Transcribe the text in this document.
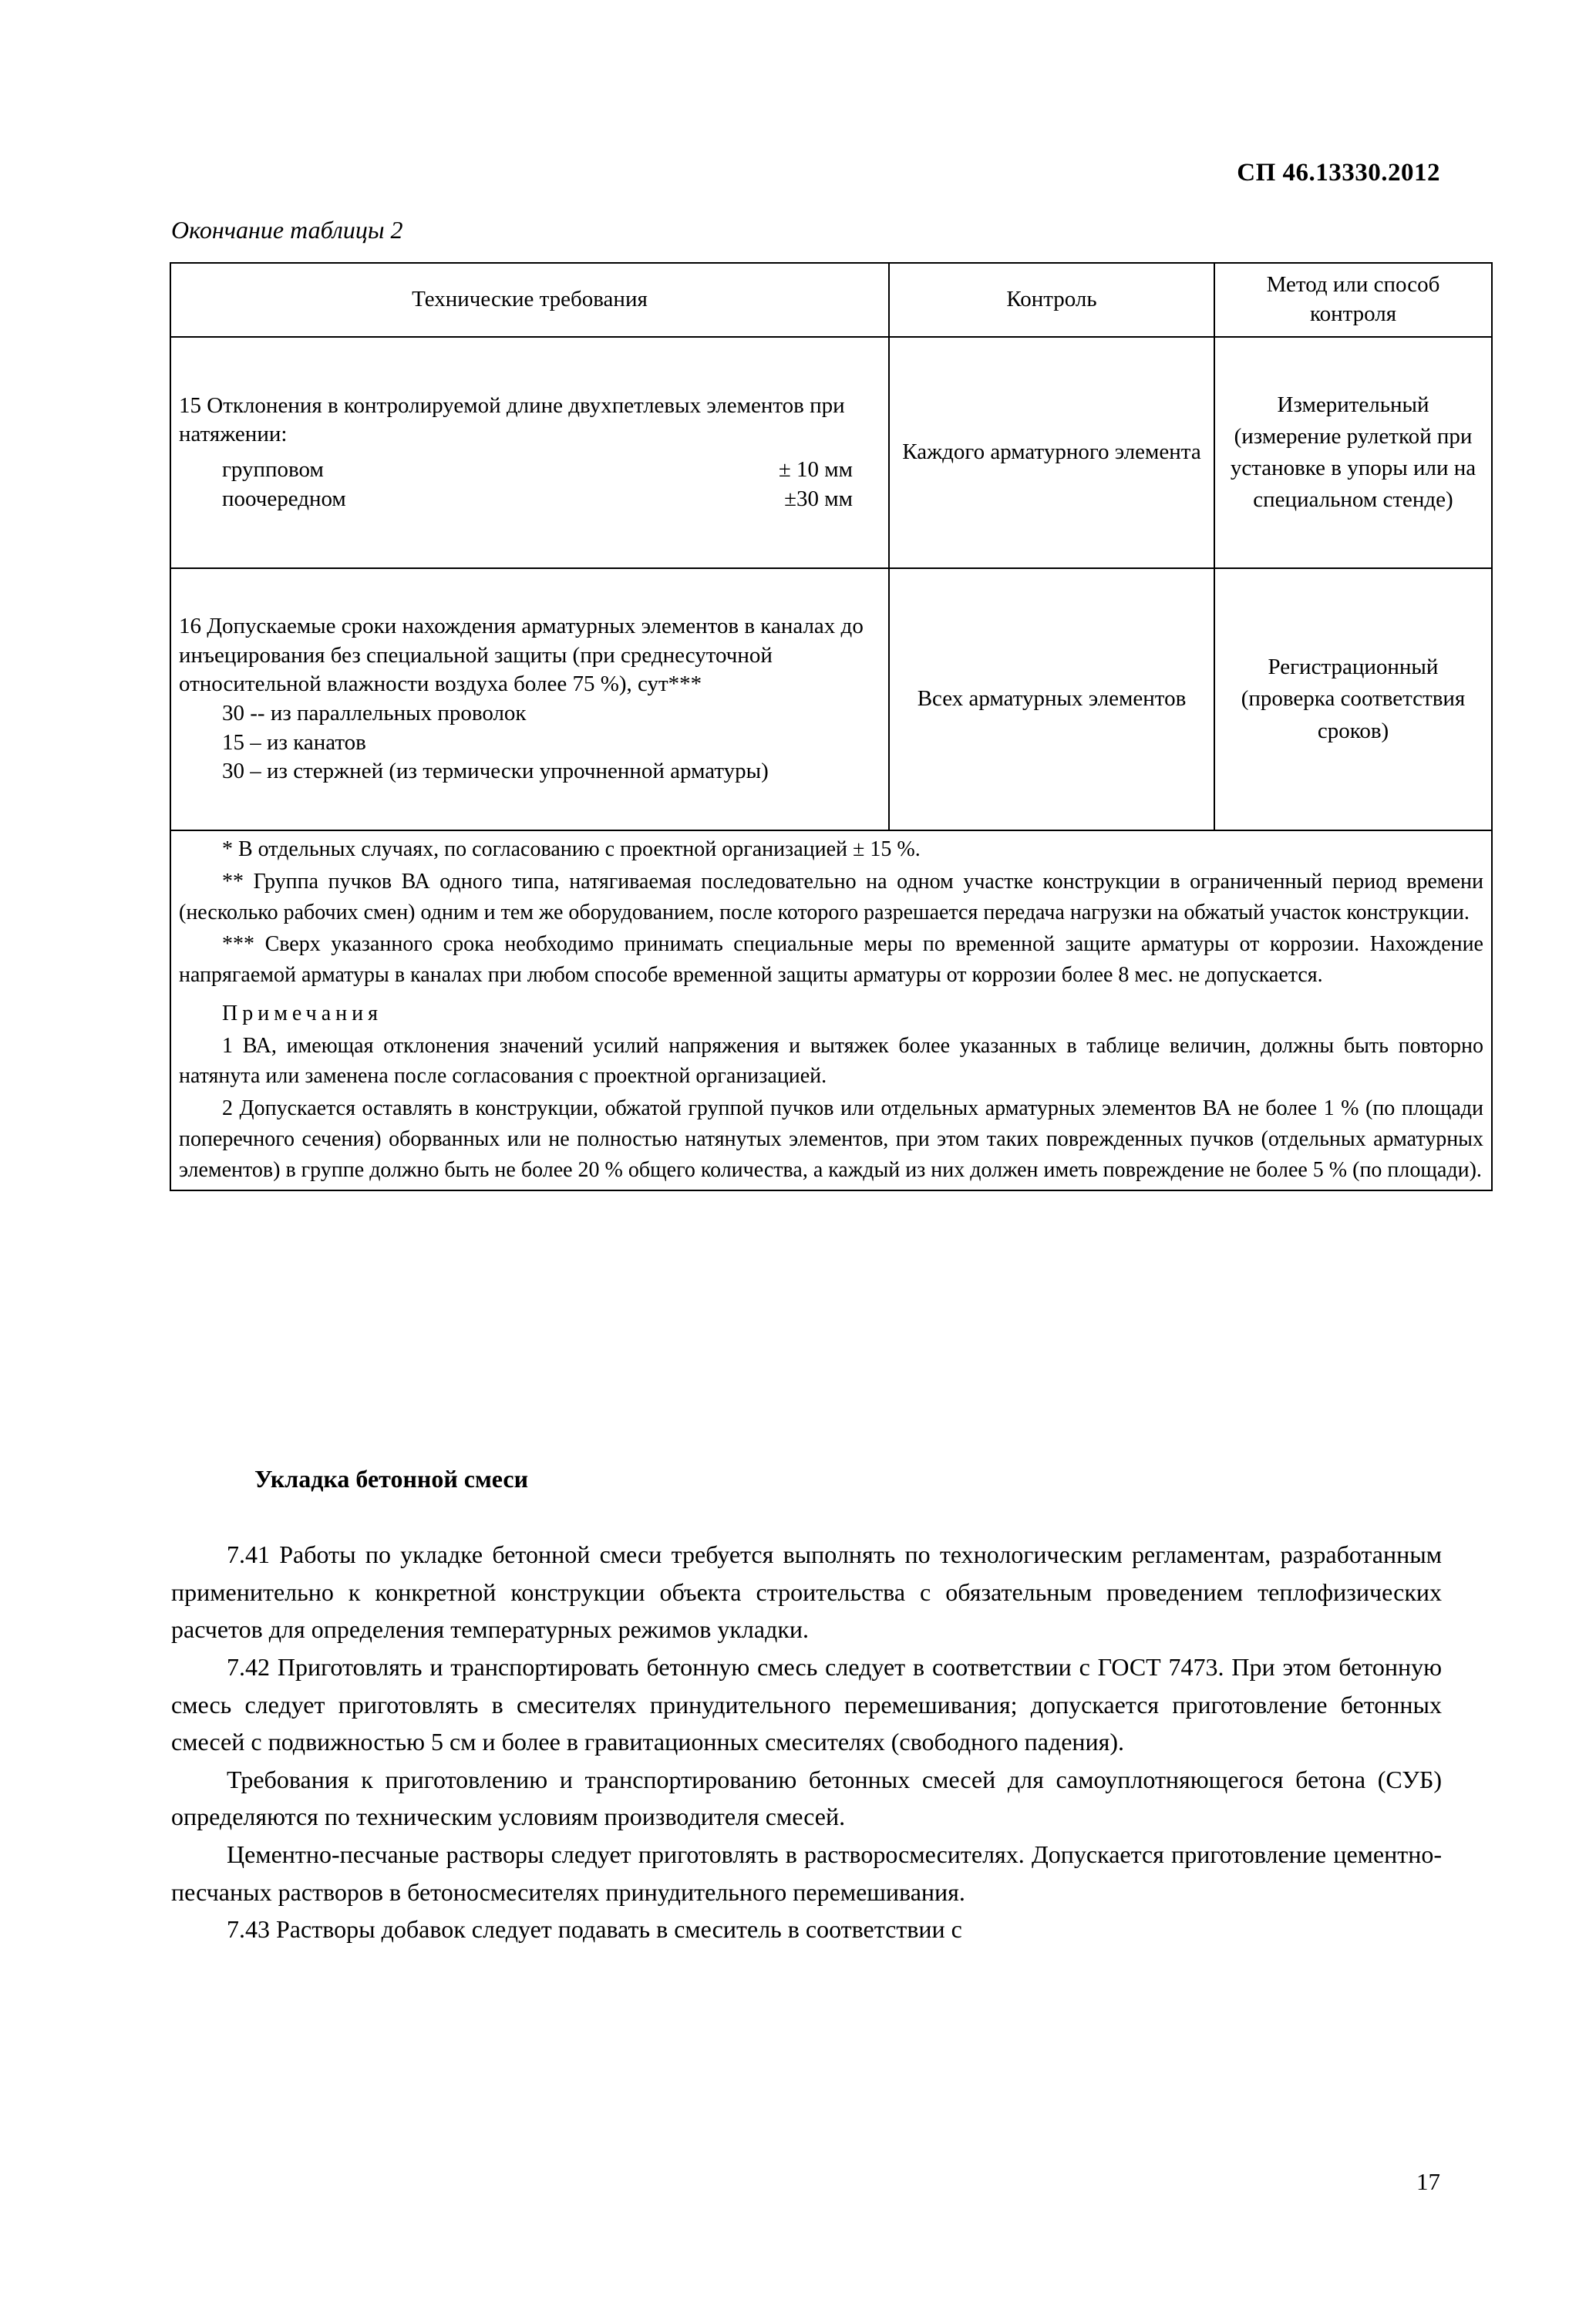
СП 46.13330.2012
Окончание таблицы 2
Технические требования	Контроль	Метод или способ контроля

15 Отклонения в контролируемой длине двухпетлевых элементов при натяжении:
групповом ± 10 мм
поочередном ±30 мм	Каждого арматурного элемента	Измерительный (измерение рулеткой при установке в упоры или на специальном стенде)

16 Допускаемые сроки нахождения арматурных элементов в каналах до инъецирования без специальной защиты (при среднесуточной относительной влажности воздуха более 75 %), сут***
30 -- из параллельных проволок
15 – из канатов
30 – из стержней (из термически упрочненной арматуры)	Всех арматурных элементов	Регистрационный (проверка соответствия сроков)

* В отдельных случаях, по согласованию с проектной организацией ± 15 %.

** Группа пучков ВА одного типа, натягиваемая последовательно на одном участке конструкции в ограниченный период времени (несколько рабочих смен) одним и тем же оборудованием, после которого разрешается передача нагрузки на обжатый участок конструкции.

*** Сверх указанного срока необходимо принимать специальные меры по временной защите арматуры от коррозии. Нахождение напрягаемой арматуры в каналах при любом способе временной защиты арматуры от коррозии более 8 мес. не допускается.

Примечания

1 ВА, имеющая отклонения значений усилий напряжения и вытяжек более указанных в таблице величин, должны быть повторно натянута или заменена после согласования с проектной организацией.

2 Допускается оставлять в конструкции, обжатой группой пучков или отдельных арматурных элементов ВА не более 1 % (по площади поперечного сечения) оборванных или не полностью натянутых элементов, при этом таких поврежденных пучков (отдельных арматурных элементов) в группе должно быть не более 20 % общего количества, а каждый из них должен иметь повреждение не более 5 % (по площади).

Укладка бетонной смеси

7.41 Работы по укладке бетонной смеси требуется выполнять по технологическим регламентам, разработанным применительно к конкретной конструкции объекта строительства с обязательным проведением теплофизических расчетов для определения температурных режимов укладки.

7.42 Приготовлять и транспортировать бетонную смесь следует в соответствии с ГОСТ 7473. При этом бетонную смесь следует приготовлять в смесителях принудительного перемешивания; допускается приготовление бетонных смесей с подвижностью 5 см и более в гравитационных смесителях (свободного падения).

Требования к приготовлению и транспортированию бетонных смесей для самоуплотняющегося бетона (СУБ) определяются по техническим условиям производителя смесей.

Цементно-песчаные растворы следует приготовлять в растворосмесителях. Допускается приготовление цементно-песчаных растворов в бетоносмесителях принудительного перемешивания.

7.43 Растворы добавок следует подавать в смеситель в соответствии с

17
